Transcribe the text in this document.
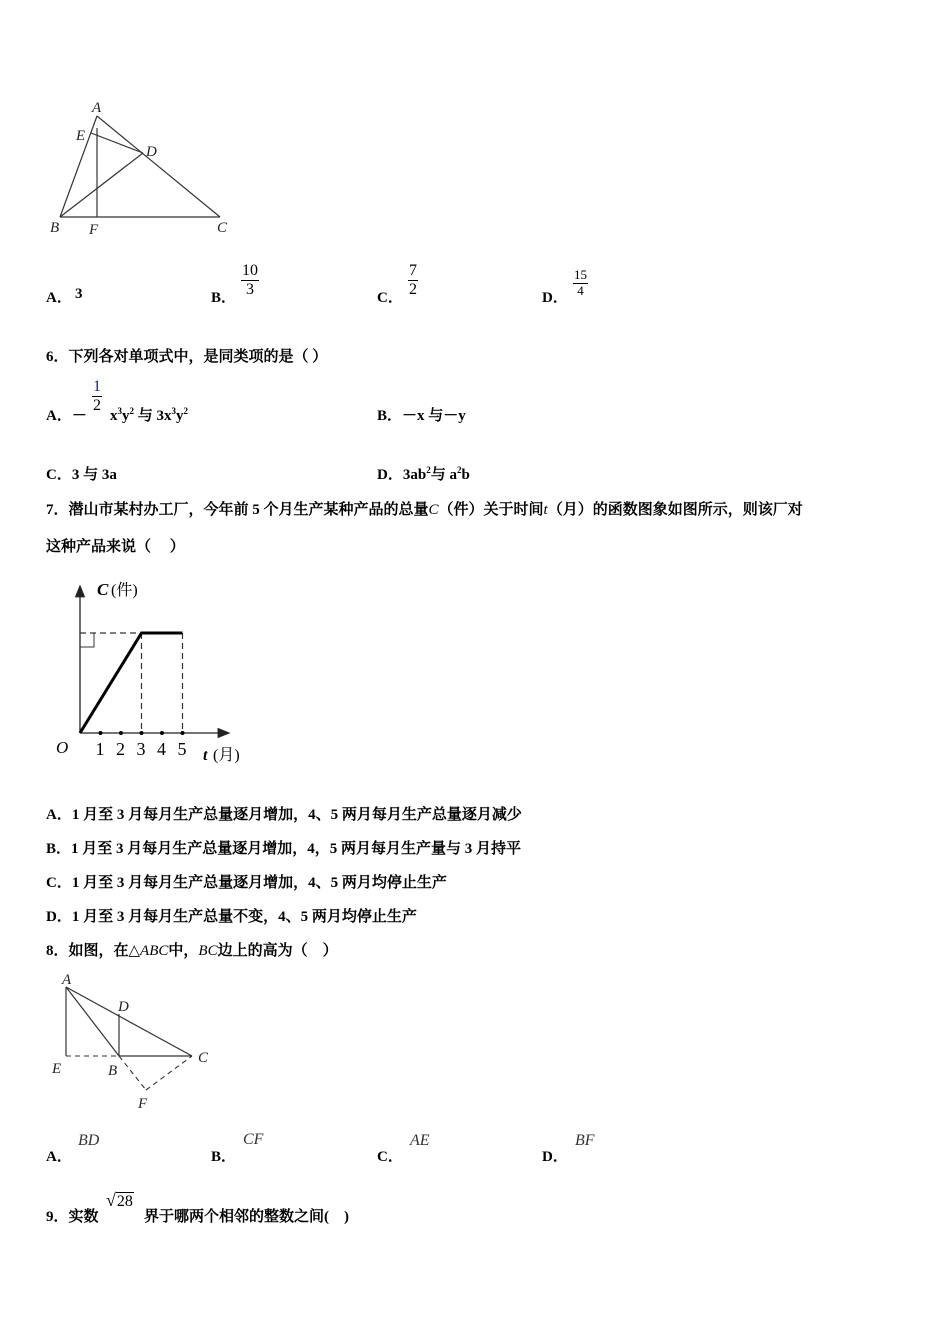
A
E
D
B F	C
A． 3	B． $\frac{10}{3}$	C． $\frac{7}{2}$	D． $\frac{15}{4}$
6．下列各对单项式中，是同类项的是（ ）
A．－
$\frac{1}{2}$
$x^3y^2$ 与 $3x^3y^2$	B．－x 与－y
C．3 与 3a	D．$3ab^2$与 $a^2b$
7．潜山市某村办工厂，今年前 5 个月生产某种产品的总量C（件）关于时间t（月）的函数图象如图所示，则该厂对
这种产品来说（　 ）
C (件)
O	t (月)
1 2 3 4 5
A．1 月至 3 月每月生产总量逐月增加，4、5 两月每月生产总量逐月减少
B．1 月至 3 月每月生产总量逐月增加，4，5 两月每月生产量与 3 月持平
C．1 月至 3 月每月生产总量逐月增加，4、5 两月均停止生产
D．1 月至 3 月每月生产总量不变，4、5 两月均停止生产
8．如图，在△ABC中，BC边上的高为（　）
A
D
E	B
C
F
A．
BD
B．
CF
C．
AE
D．
BF
9．实数
√28
界于哪两个相邻的整数之间(　)
